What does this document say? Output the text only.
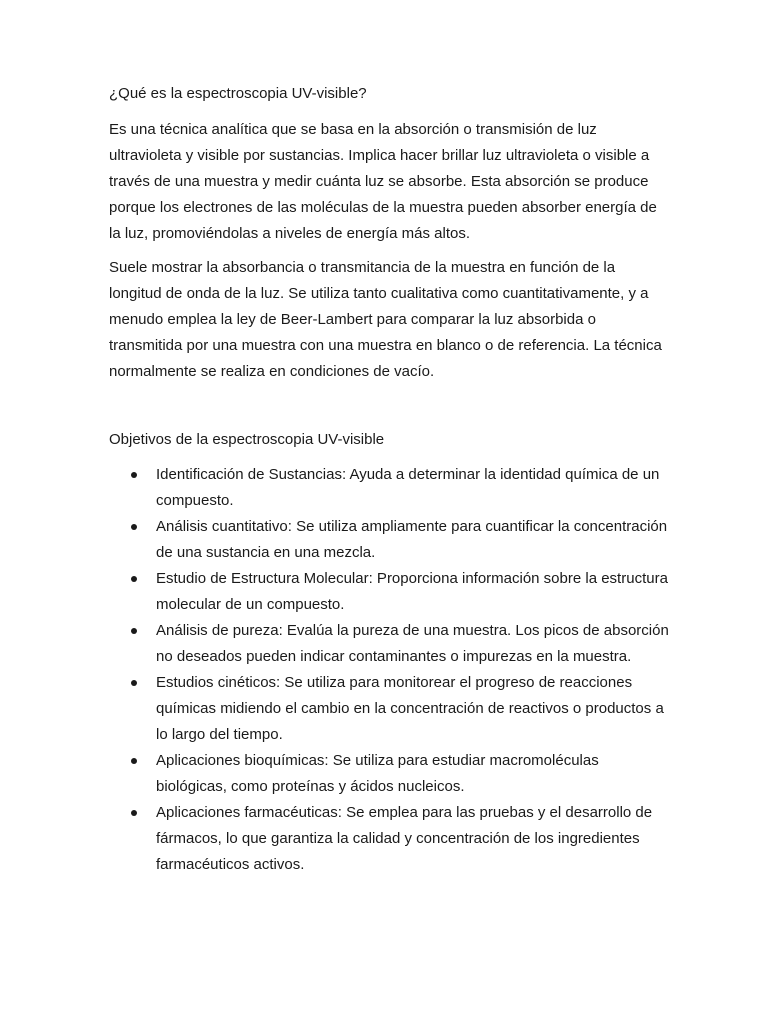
¿Qué es la espectroscopia UV-visible?

Es una técnica analítica que se basa en la absorción o transmisión de luz ultravioleta y visible por sustancias. Implica hacer brillar luz ultravioleta o visible a través de una muestra y medir cuánta luz se absorbe. Esta absorción se produce porque los electrones de las moléculas de la muestra pueden absorber energía de la luz, promoviéndolas a niveles de energía más altos.

Suele mostrar la absorbancia o transmitancia de la muestra en función de la longitud de onda de la luz. Se utiliza tanto cualitativa como cuantitativamente, y a menudo emplea la ley de Beer-Lambert para comparar la luz absorbida o transmitida por una muestra con una muestra en blanco o de referencia. La técnica normalmente se realiza en condiciones de vacío.

Objetivos de la espectroscopia UV-visible
Identificación de Sustancias: Ayuda a determinar la identidad química de un compuesto.
Análisis cuantitativo: Se utiliza ampliamente para cuantificar la concentración de una sustancia en una mezcla.
Estudio de Estructura Molecular: Proporciona información sobre la estructura molecular de un compuesto.
Análisis de pureza: Evalúa la pureza de una muestra. Los picos de absorción no deseados pueden indicar contaminantes o impurezas en la muestra.
Estudios cinéticos: Se utiliza para monitorear el progreso de reacciones químicas midiendo el cambio en la concentración de reactivos o productos a lo largo del tiempo.
Aplicaciones bioquímicas: Se utiliza para estudiar macromoléculas biológicas, como proteínas y ácidos nucleicos.
Aplicaciones farmacéuticas: Se emplea para las pruebas y el desarrollo de fármacos, lo que garantiza la calidad y concentración de los ingredientes farmacéuticos activos.
